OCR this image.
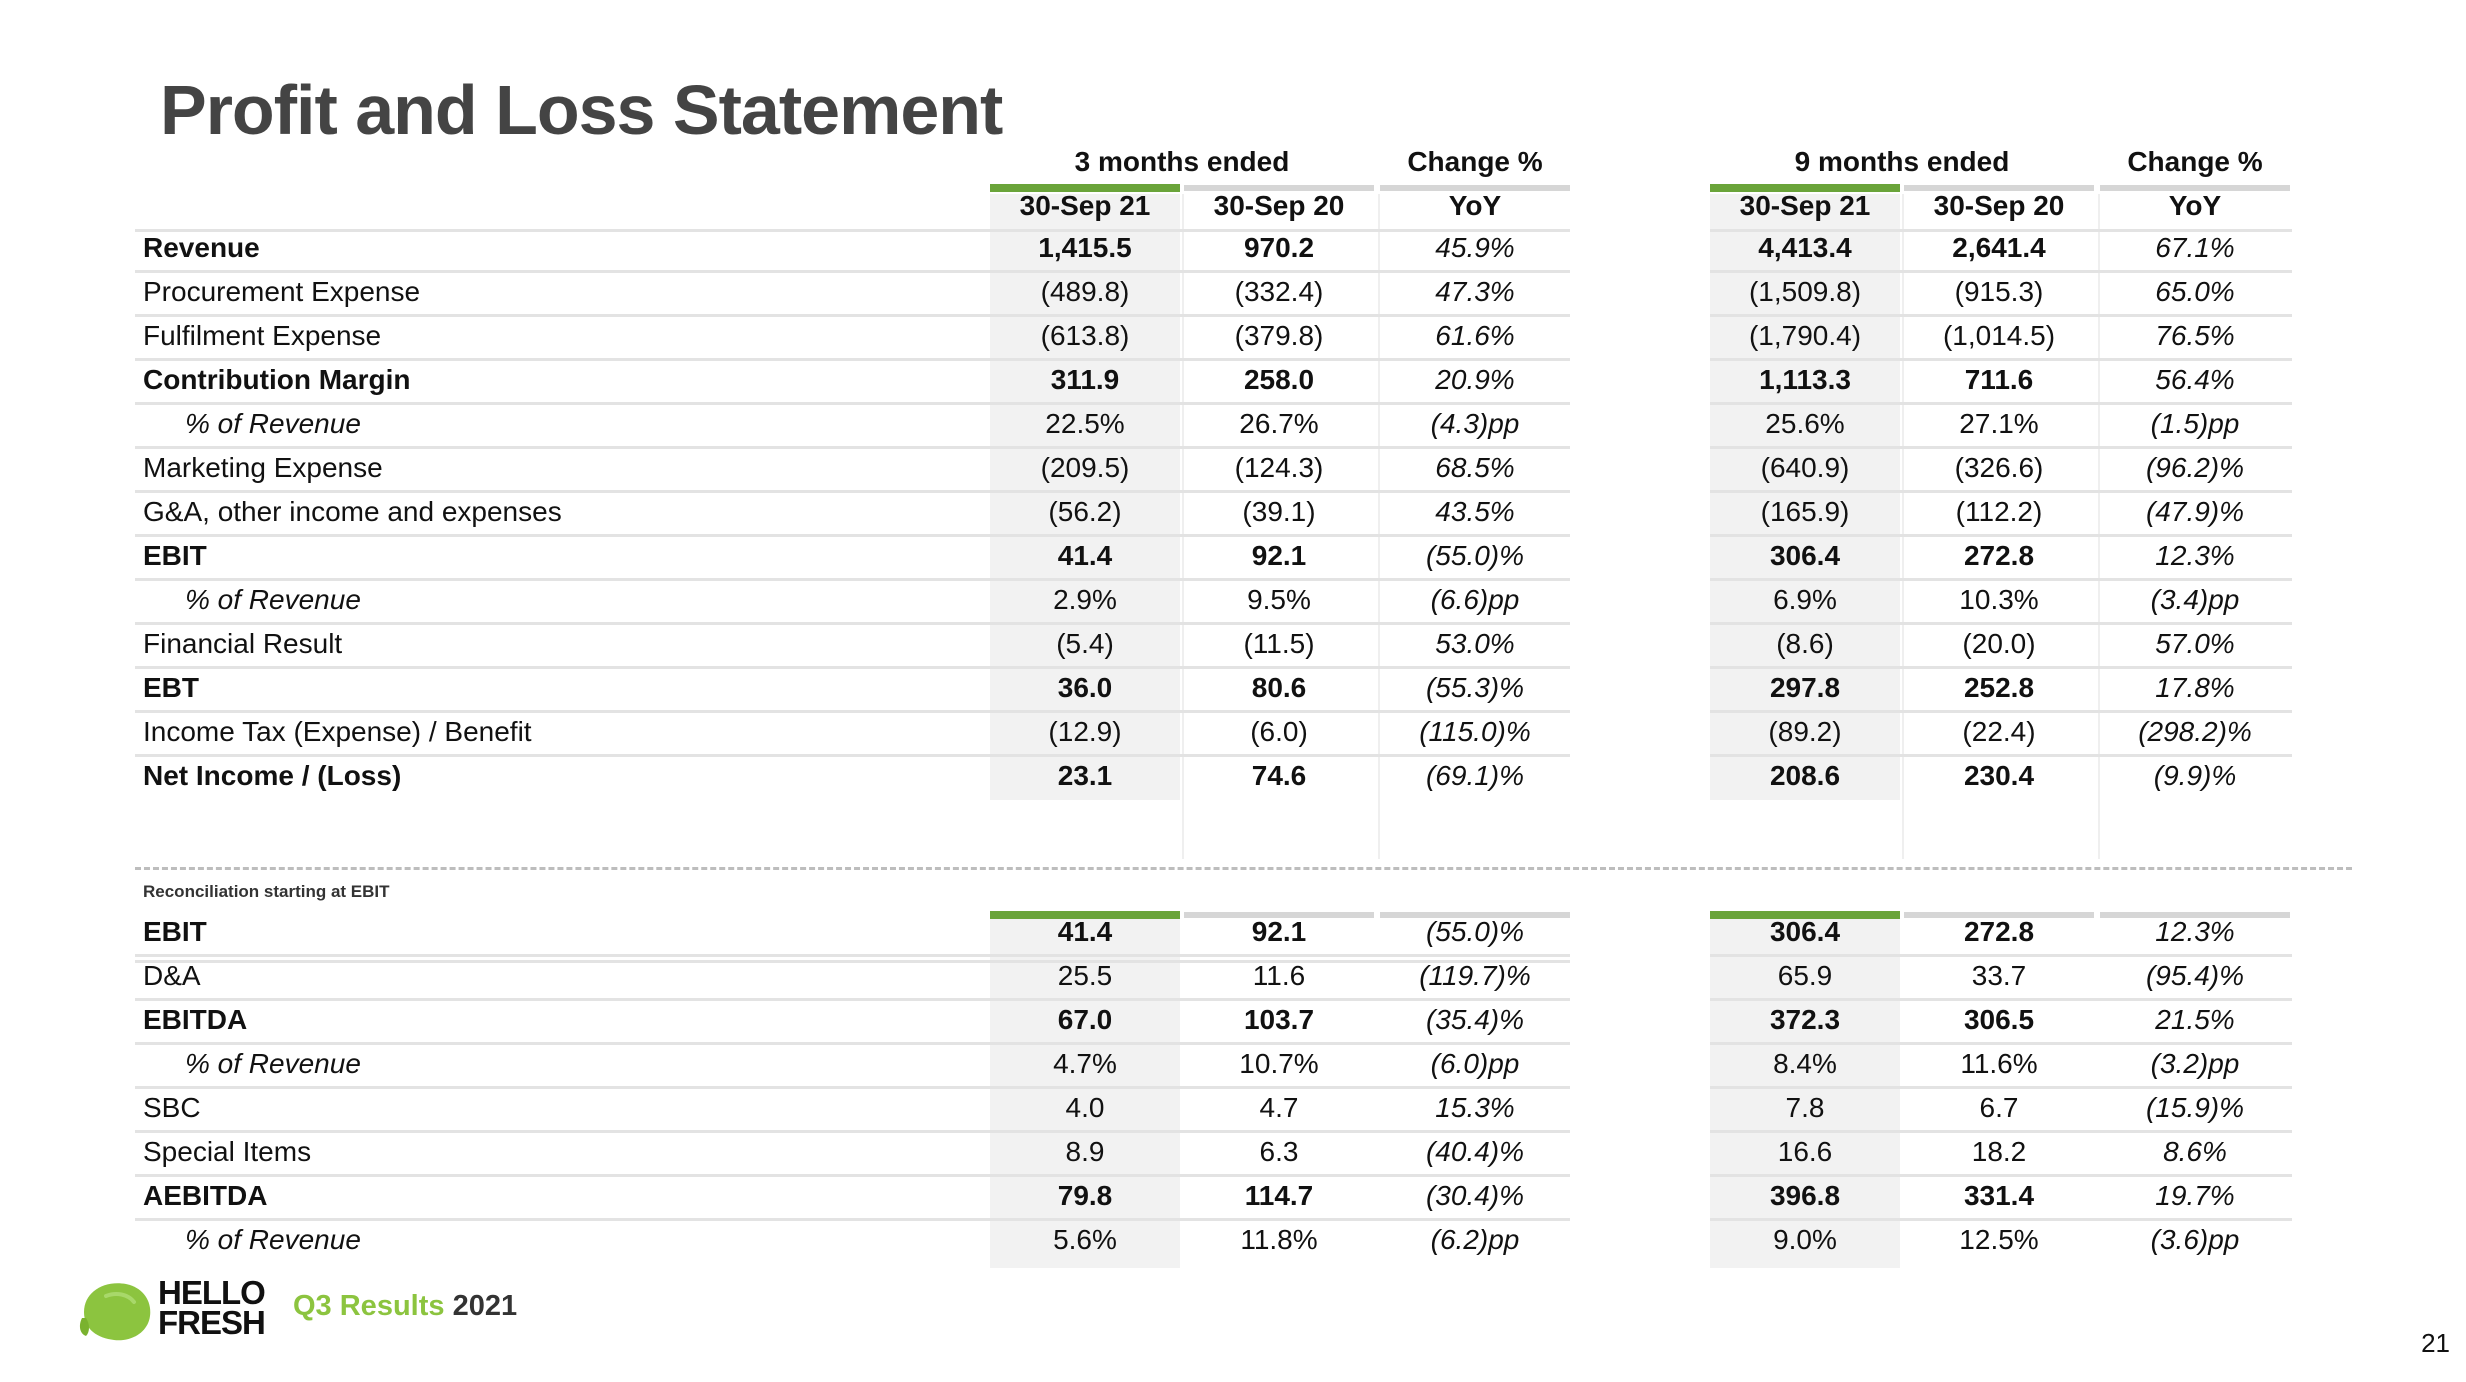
Profit and Loss Statement
3 months ended	Change %	9 months ended	Change %
30-Sep 21	30-Sep 20	YoY	30-Sep 21	30-Sep 20	YoY
Revenue	1,415.5	970.2	45.9%	4,413.4	2,641.4	67.1%
Procurement Expense	(489.8)	(332.4)	47.3%	(1,509.8)	(915.3)	65.0%
Fulfilment Expense	(613.8)	(379.8)	61.6%	(1,790.4)	(1,014.5)	76.5%
Contribution Margin	311.9	258.0	20.9%	1,113.3	711.6	56.4%
% of Revenue	22.5%	26.7%	(4.3)pp	25.6%	27.1%	(1.5)pp
Marketing Expense	(209.5)	(124.3)	68.5%	(640.9)	(326.6)	(96.2)%
G&A, other income and expenses	(56.2)	(39.1)	43.5%	(165.9)	(112.2)	(47.9)%
EBIT	41.4	92.1	(55.0)%	306.4	272.8	12.3%
% of Revenue	2.9%	9.5%	(6.6)pp	6.9%	10.3%	(3.4)pp
Financial Result	(5.4)	(11.5)	53.0%	(8.6)	(20.0)	57.0%
EBT	36.0	80.6	(55.3)%	297.8	252.8	17.8%
Income Tax (Expense) / Benefit	(12.9)	(6.0)	(115.0)%	(89.2)	(22.4)	(298.2)%
Net Income / (Loss)	23.1	74.6	(69.1)%	208.6	230.4	(9.9)%
EBIT	41.4	92.1	(55.0)%	306.4	272.8	12.3%
D&A	25.5	11.6	(119.7)%	65.9	33.7	(95.4)%
EBITDA	67.0	103.7	(35.4)%	372.3	306.5	21.5%
% of Revenue	4.7%	10.7%	(6.0)pp	8.4%	11.6%	(3.2)pp
SBC	4.0	4.7	15.3%	7.8	6.7	(15.9)%
Special Items	8.9	6.3	(40.4)%	16.6	18.2	8.6%
AEBITDA	79.8	114.7	(30.4)%	396.8	331.4	19.7%
% of Revenue	5.6%	11.8%	(6.2)pp	9.0%	12.5%	(3.6)pp
Reconciliation starting at EBIT
HELLO
FRESH Q3 Results 2021
21
